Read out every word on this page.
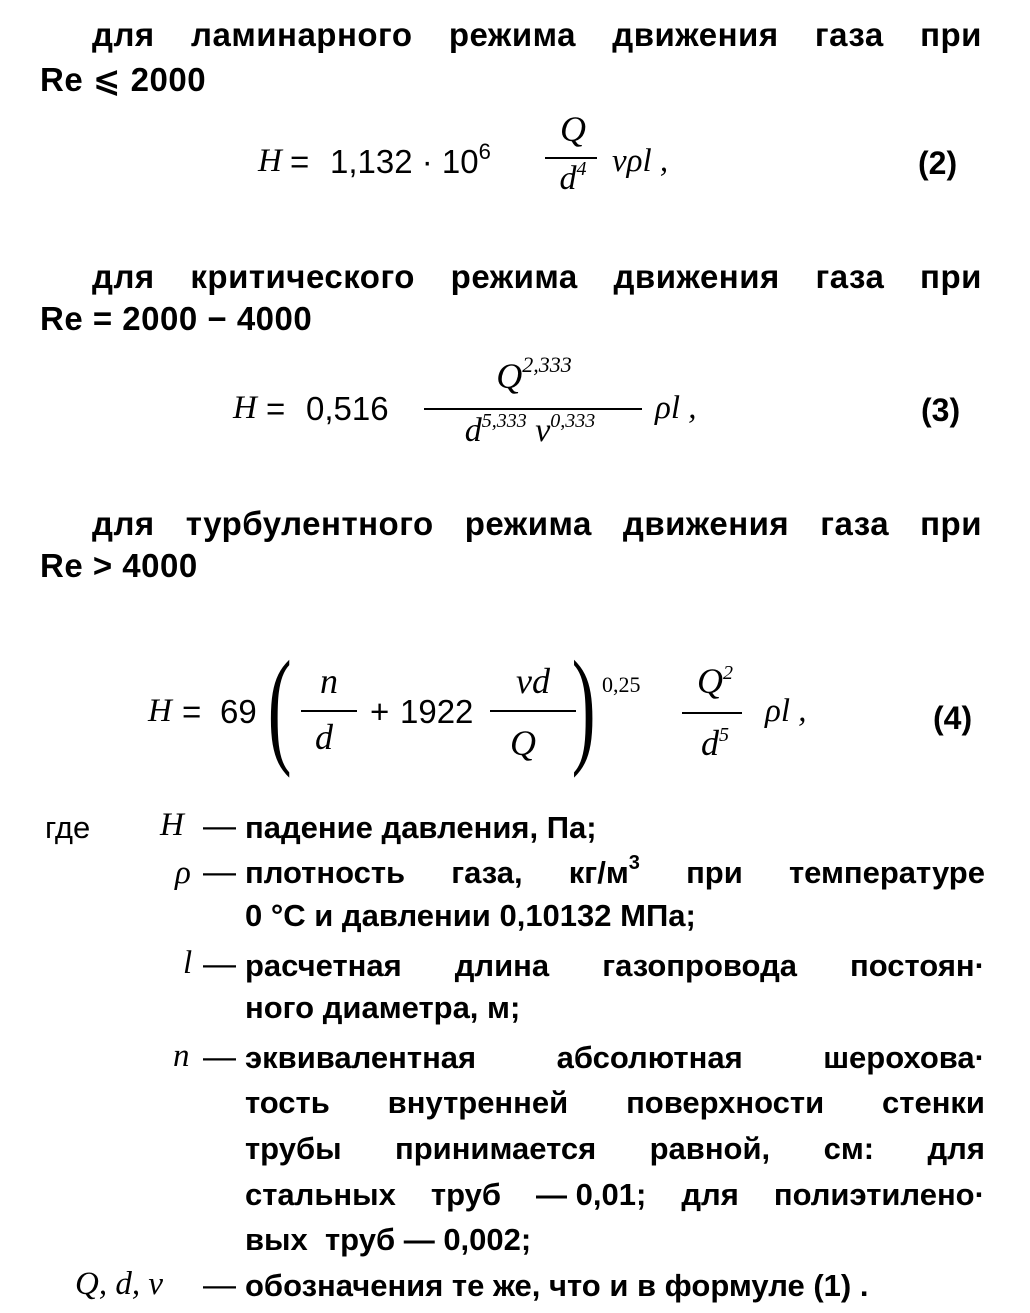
для ламинарного режима движения газа при
Re ⩽ 2000
$H = 1,132 \cdot 10^6$
Q
$d^4$ νρl ,	(2)
для критического режима движения газа при
Re = 2000 − 4000
H = 0,516
Q$^{2,333}$
$d^{5,333}$ $\nu^{0,333}$	ρl ,	(3)
для турбулентного режима движения газа при
Re > 4000
H = 69 ( n
d
+ 1922
νd
Q ) 0,25	$Q^2$
$d^5$
ρl ,	(4)
где H — падение давления, Па;
ρ — плотность газа, $кг/м^3$ при температуре
0 °С и давлении 0,10132 МПа;
l — расчетная длина газопровода постоян·
ного диаметра, м;
n — эквивалентная	абсолютная	шерохова·
тость внутренней поверхности стенки
трубы принимается равной, см: для
стальных труб — 0,01; для полиэтилено·
вых  труб — 0,002;
Q, d, ν — обозначения те же, что и в формуле (1) .
